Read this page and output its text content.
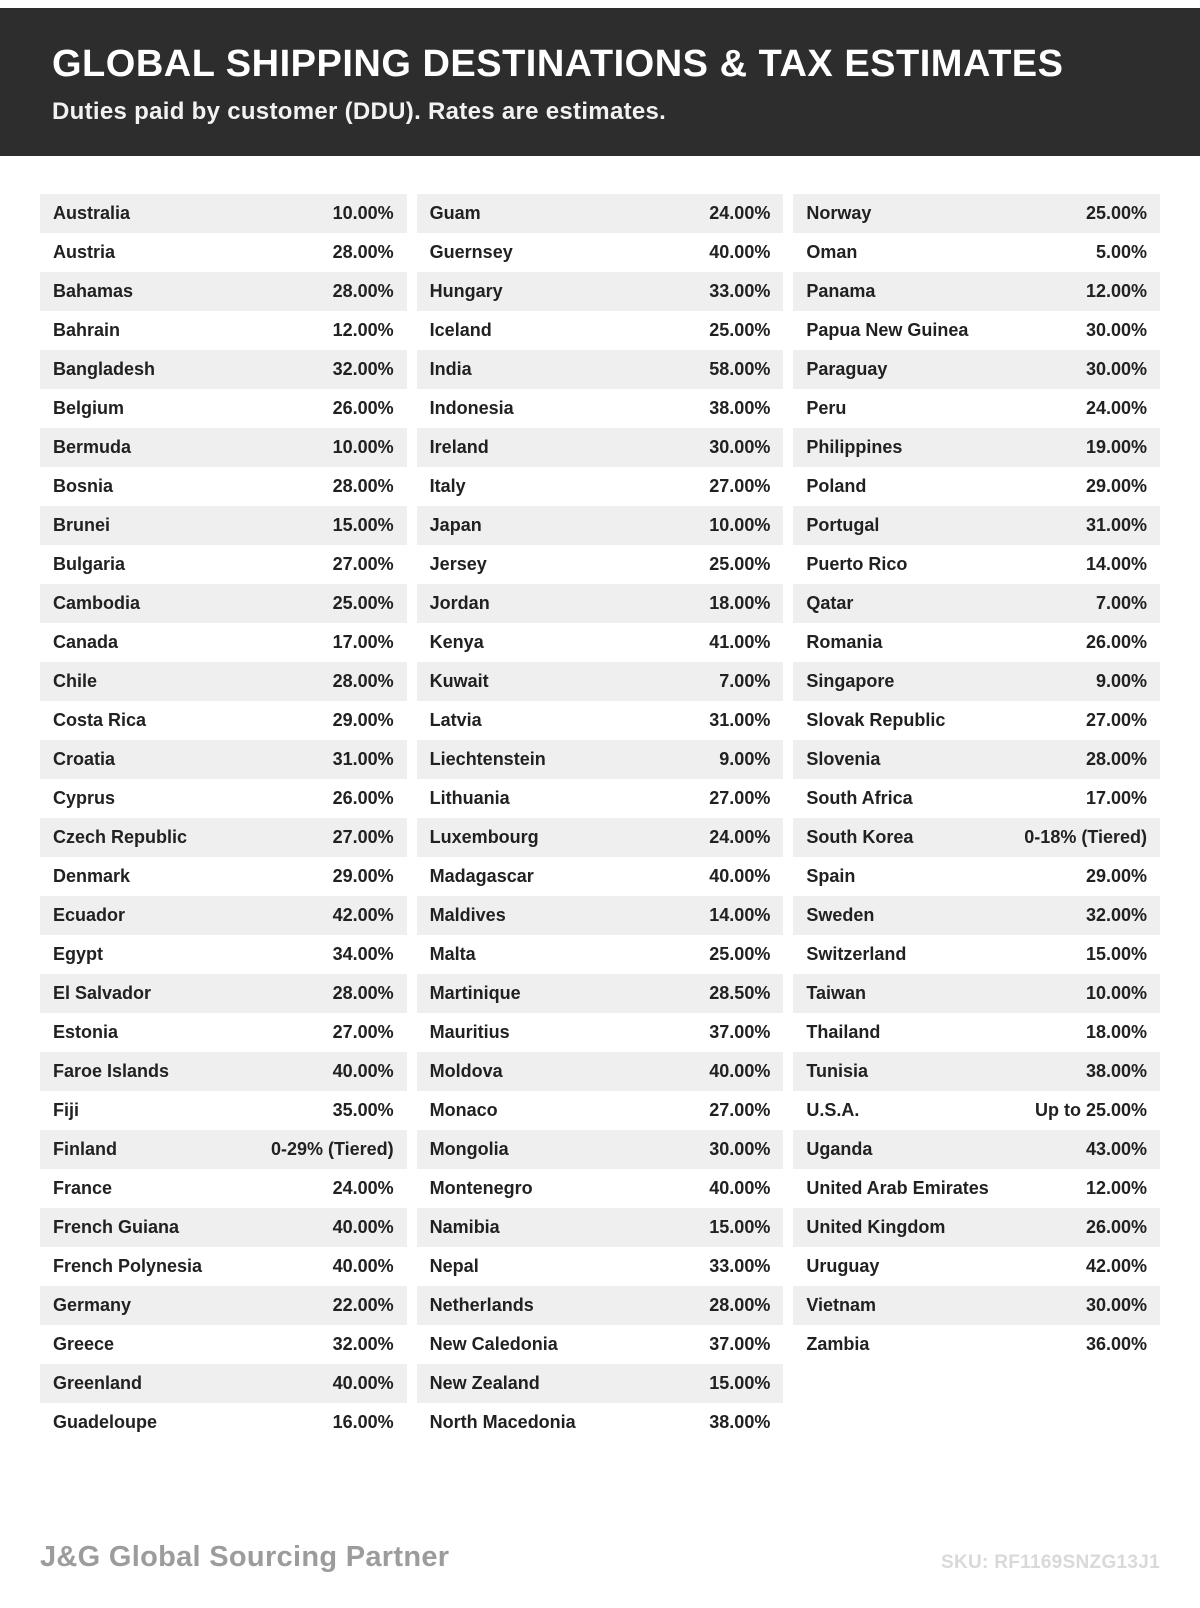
GLOBAL SHIPPING DESTINATIONS & TAX ESTIMATES

Duties paid by customer (DDU). Rates are estimates.

Australia	10.00%
Austria	28.00%
Bahamas	28.00%
Bahrain	12.00%
Bangladesh	32.00%
Belgium	26.00%
Bermuda	10.00%
Bosnia	28.00%
Brunei	15.00%
Bulgaria	27.00%
Cambodia	25.00%
Canada	17.00%
Chile	28.00%
Costa Rica	29.00%
Croatia	31.00%
Cyprus	26.00%
Czech Republic	27.00%
Denmark	29.00%
Ecuador	42.00%
Egypt	34.00%
El Salvador	28.00%
Estonia	27.00%
Faroe Islands	40.00%
Fiji	35.00%
Finland	0-29% (Tiered)
France	24.00%
French Guiana	40.00%
French Polynesia	40.00%
Germany	22.00%
Greece	32.00%
Greenland	40.00%
Guadeloupe	16.00%
Guam	24.00%
Guernsey	40.00%
Hungary	33.00%
Iceland	25.00%
India	58.00%
Indonesia	38.00%
Ireland	30.00%
Italy	27.00%
Japan	10.00%
Jersey	25.00%
Jordan	18.00%
Kenya	41.00%
Kuwait	7.00%
Latvia	31.00%
Liechtenstein	9.00%
Lithuania	27.00%
Luxembourg	24.00%
Madagascar	40.00%
Maldives	14.00%
Malta	25.00%
Martinique	28.50%
Mauritius	37.00%
Moldova	40.00%
Monaco	27.00%
Mongolia	30.00%
Montenegro	40.00%
Namibia	15.00%
Nepal	33.00%
Netherlands	28.00%
New Caledonia	37.00%
New Zealand	15.00%
North Macedonia	38.00%
Norway	25.00%
Oman	5.00%
Panama	12.00%
Papua New Guinea	30.00%
Paraguay	30.00%
Peru	24.00%
Philippines	19.00%
Poland	29.00%
Portugal	31.00%
Puerto Rico	14.00%
Qatar	7.00%
Romania	26.00%
Singapore	9.00%
Slovak Republic	27.00%
Slovenia	28.00%
South Africa	17.00%
South Korea	0-18% (Tiered)
Spain	29.00%
Sweden	32.00%
Switzerland	15.00%
Taiwan	10.00%
Thailand	18.00%
Tunisia	38.00%
U.S.A.	Up to 25.00%
Uganda	43.00%
United Arab Emirates	12.00%
United Kingdom	26.00%
Uruguay	42.00%
Vietnam	30.00%
Zambia	36.00%
J&G Global Sourcing Partner	SKU: RF1169SNZG13J1
